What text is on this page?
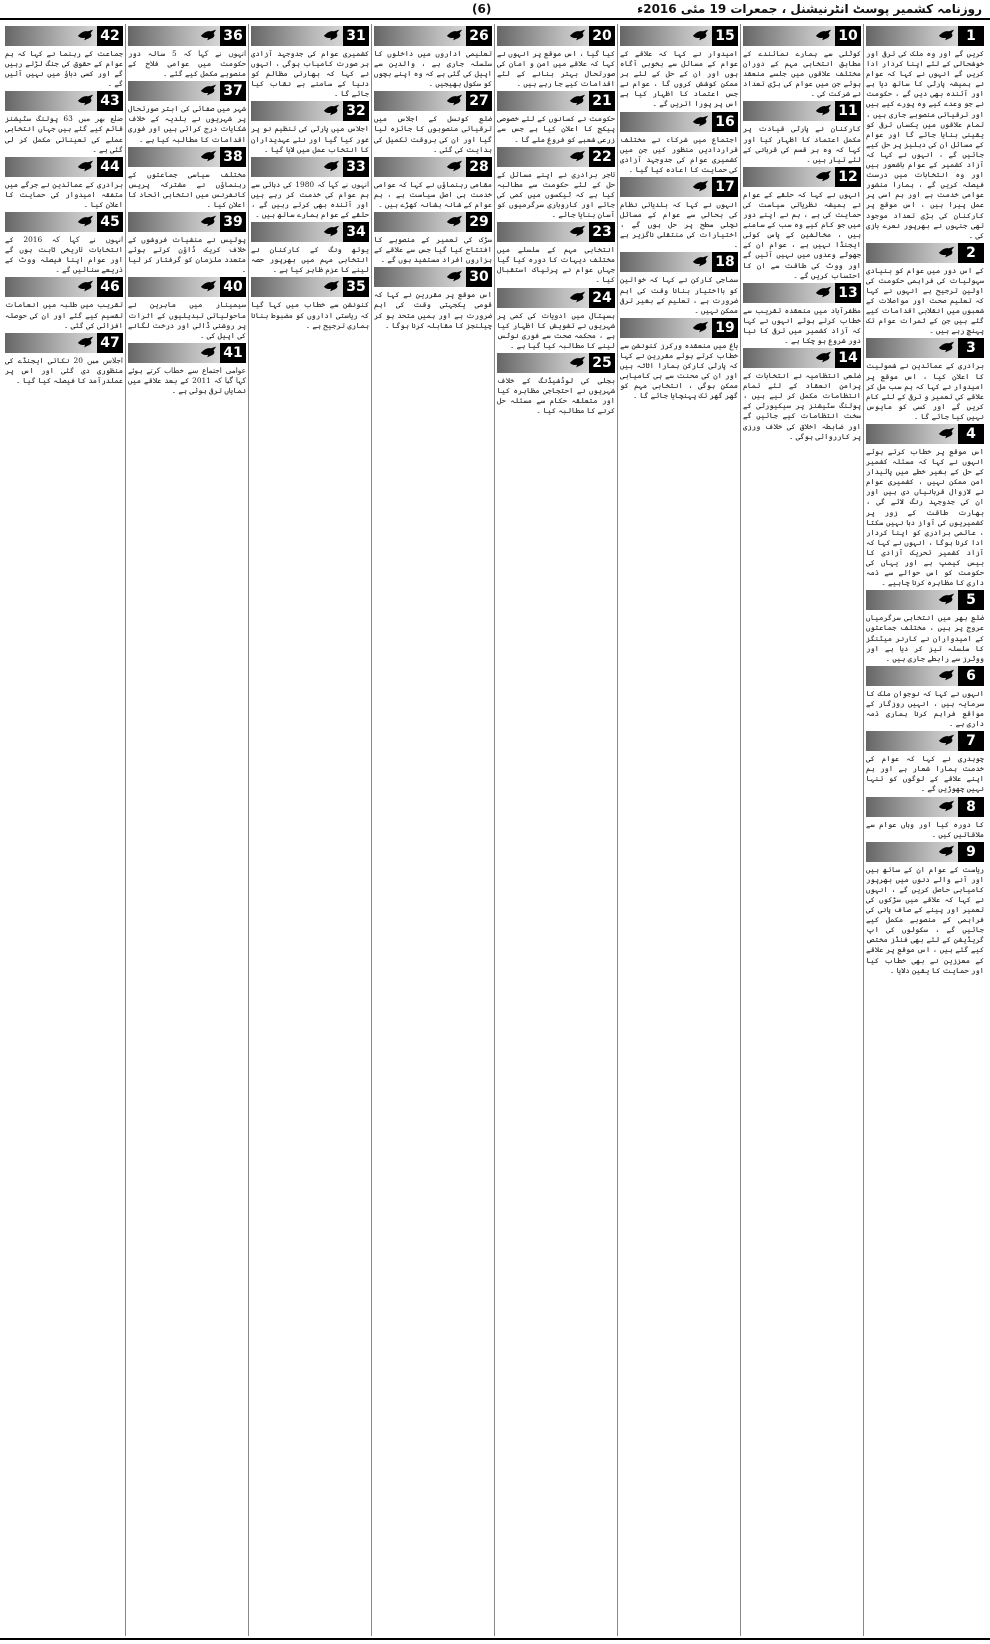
(6)	روزنامہ کشمیر پوسٹ انٹرنیشنل ، جمعرات 19 مئی 2016ء
1
کریں گے اور وہ ملک کی ترقی اور خوشحالی کے لئے اپنا کردار ادا کریں گے انہوں نے کہا کہ عوام نے ہمیشہ پارٹی کا ساتھ دیا ہے اور آئندہ بھی دیں گے ، حکومت نے جو وعدے کیے وہ پورے کیے ہیں اور ترقیاتی منصوبے جاری ہیں ، تمام علاقوں میں یکساں ترقی کو یقینی بنایا جائے گا اور عوام کے مسائل ان کی دہلیز پر حل کیے جائیں گے ، انہوں نے کہا کہ آزاد کشمیر کے عوام باشعور ہیں اور وہ انتخابات میں درست فیصلہ کریں گے ، ہمارا منشور عوامی خدمت ہے اور ہم اسی پر عمل پیرا ہیں ، اس موقع پر کارکنان کی بڑی تعداد موجود تھی جنہوں نے بھرپور نعرے بازی کی ۔
2
کے اس دور میں عوام کو بنیادی سہولیات کی فراہمی حکومت کی اولین ترجیح ہے انہوں نے کہا کہ تعلیم صحت اور مواصلات کے شعبوں میں انقلابی اقدامات کیے گئے ہیں جن کے ثمرات عوام تک پہنچ رہے ہیں ۔
3
برادری کے عمائدین نے شمولیت کا اعلان کیا ، اس موقع پر امیدوار نے کہا کہ ہم سب مل کر علاقے کی تعمیر و ترقی کے لئے کام کریں گے اور کسی کو مایوس نہیں کیا جائے گا ۔
4
اس موقع پر خطاب کرتے ہوئے انہوں نے کہا کہ مسئلہ کشمیر کے حل کے بغیر خطے میں پائیدار امن ممکن نہیں ، کشمیری عوام نے لازوال قربانیاں دی ہیں اور ان کی جدوجہد رنگ لائے گی ، بھارت طاقت کے زور پر کشمیریوں کی آواز دبا نہیں سکتا ، عالمی برادری کو اپنا کردار ادا کرنا ہوگا ، انہوں نے کہا کہ آزاد کشمیر تحریک آزادی کا بیس کیمپ ہے اور یہاں کی حکومت کو اس حوالے سے ذمہ داری کا مظاہرہ کرنا چاہیے ۔
5
ضلع بھر میں انتخابی سرگرمیاں عروج پر ہیں ، مختلف جماعتوں کے امیدواران نے کارنر میٹنگز کا سلسلہ تیز کر دیا ہے اور ووٹرز سے رابطے جاری ہیں ۔
6
انہوں نے کہا کہ نوجوان ملک کا سرمایہ ہیں ، انہیں روزگار کے مواقع فراہم کرنا ہماری ذمہ داری ہے ۔
7
چوہدری نے کہا کہ عوام کی خدمت ہمارا شعار ہے اور ہم اپنے علاقے کے لوگوں کو تنہا نہیں چھوڑیں گے ۔
8
کا دورہ کیا اور وہاں عوام سے ملاقاتیں کیں ۔
9
ریاست کے عوام ان کے ساتھ ہیں اور آنے والے دنوں میں بھرپور کامیابی حاصل کریں گے ، انہوں نے کہا کہ علاقے میں سڑکوں کی تعمیر اور پینے کے صاف پانی کی فراہمی کے منصوبے مکمل کیے جائیں گے ، سکولوں کی اپ گریڈیشن کے لئے بھی فنڈز مختص کیے گئے ہیں ، اس موقع پر علاقے کے معززین نے بھی خطاب کیا اور حمایت کا یقین دلایا ۔
10
کوٹلی سے ہمارے نمائندے کے مطابق انتخابی مہم کے دوران مختلف علاقوں میں جلسے منعقد ہوئے جن میں عوام کی بڑی تعداد نے شرکت کی ۔
11
کارکنان نے پارٹی قیادت پر مکمل اعتماد کا اظہار کیا اور کہا کہ وہ ہر قسم کی قربانی کے لئے تیار ہیں ۔
12
انہوں نے کہا کہ حلقے کے عوام نے ہمیشہ نظریاتی سیاست کی حمایت کی ہے ، ہم نے اپنے دور میں جو کام کیے وہ سب کے سامنے ہیں ، مخالفین کے پاس کوئی ایجنڈا نہیں ہے ، عوام ان کے جھوٹے وعدوں میں نہیں آئیں گے اور ووٹ کی طاقت سے ان کا احتساب کریں گے ۔
13
مظفرآباد میں منعقدہ تقریب سے خطاب کرتے ہوئے انہوں نے کہا کہ آزاد کشمیر میں ترقی کا نیا دور شروع ہو چکا ہے ۔
14
ضلعی انتظامیہ نے انتخابات کے پرامن انعقاد کے لئے تمام انتظامات مکمل کر لیے ہیں ، پولنگ سٹیشنز پر سیکیورٹی کے سخت انتظامات کیے جائیں گے اور ضابطہ اخلاق کی خلاف ورزی پر کارروائی ہوگی ۔
15
امیدوار نے کہا کہ علاقے کے عوام کے مسائل سے بخوبی آگاہ ہوں اور ان کے حل کے لئے ہر ممکن کوشش کروں گا ، عوام نے جس اعتماد کا اظہار کیا ہے اس پر پورا اتریں گے ۔
16
اجتماع میں شرکاء نے مختلف قراردادیں منظور کیں جن میں کشمیری عوام کی جدوجہد آزادی کی حمایت کا اعادہ کیا گیا ۔
17
انہوں نے کہا کہ بلدیاتی نظام کی بحالی سے عوام کے مسائل نچلی سطح پر حل ہوں گے ، اختیارات کی منتقلی ناگزیر ہے ۔
18
سماجی کارکن نے کہا کہ خواتین کو بااختیار بنانا وقت کی اہم ضرورت ہے ، تعلیم کے بغیر ترقی ممکن نہیں ۔
19
باغ میں منعقدہ ورکرز کنونشن سے خطاب کرتے ہوئے مقررین نے کہا کہ پارٹی کارکن ہمارا اثاثہ ہیں اور ان کی محنت سے ہی کامیابی ممکن ہوگی ، انتخابی مہم کو گھر گھر تک پہنچایا جائے گا ۔
20
کیا گیا ، اس موقع پر انہوں نے کہا کہ علاقے میں امن و امان کی صورتحال بہتر بنانے کے لئے اقدامات کیے جا رہے ہیں ۔
21
حکومت نے کسانوں کے لئے خصوصی پیکج کا اعلان کیا ہے جس سے زرعی شعبے کو فروغ ملے گا ۔
22
تاجر برادری نے اپنے مسائل کے حل کے لئے حکومت سے مطالبہ کیا ہے کہ ٹیکسوں میں کمی کی جائے اور کاروباری سرگرمیوں کو آسان بنایا جائے ۔
23
انتخابی مہم کے سلسلے میں مختلف دیہات کا دورہ کیا گیا جہاں عوام نے پرتپاک استقبال کیا ۔
24
ہسپتال میں ادویات کی کمی پر شہریوں نے تشویش کا اظہار کیا ہے ، محکمہ صحت سے فوری نوٹس لینے کا مطالبہ کیا گیا ہے ۔
25
بجلی کی لوڈشیڈنگ کے خلاف شہریوں نے احتجاجی مظاہرہ کیا اور متعلقہ حکام سے مسئلہ حل کرنے کا مطالبہ کیا ۔
26
تعلیمی اداروں میں داخلوں کا سلسلہ جاری ہے ، والدین سے اپیل کی گئی ہے کہ وہ اپنے بچوں کو سکول بھیجیں ۔
27
ضلع کونسل کے اجلاس میں ترقیاتی منصوبوں کا جائزہ لیا گیا اور ان کی بروقت تکمیل کی ہدایت کی گئی ۔
28
مقامی رہنماؤں نے کہا کہ عوامی خدمت ہی اصل سیاست ہے ، ہم عوام کے شانہ بشانہ کھڑے ہیں ۔
29
سڑک کی تعمیر کے منصوبے کا افتتاح کیا گیا جس سے علاقے کے ہزاروں افراد مستفید ہوں گے ۔
30
اس موقع پر مقررین نے کہا کہ قومی یکجہتی وقت کی اہم ضرورت ہے اور ہمیں متحد ہو کر چیلنجز کا مقابلہ کرنا ہوگا ۔
31
کشمیری عوام کی جدوجہد آزادی ہر صورت کامیاب ہوگی ، انہوں نے کہا کہ بھارتی مظالم کو دنیا کے سامنے بے نقاب کیا جائے گا ۔
32
اجلاس میں پارٹی کی تنظیم نو پر غور کیا گیا اور نئے عہدیداران کا انتخاب عمل میں لایا گیا ۔
33
انہوں نے کہا کہ 1980 کی دہائی سے ہم عوام کی خدمت کر رہے ہیں اور آئندہ بھی کرتے رہیں گے ، حلقے کے عوام ہمارے ساتھ ہیں ۔
34
یوتھ ونگ کے کارکنان نے انتخابی مہم میں بھرپور حصہ لینے کا عزم ظاہر کیا ہے ۔
35
کنونشن سے خطاب میں کہا گیا کہ ریاستی اداروں کو مضبوط بنانا ہماری ترجیح ہے ۔
36
انہوں نے کہا کہ 5 سالہ دور حکومت میں عوامی فلاح کے منصوبے مکمل کیے گئے ۔
37
شہر میں صفائی کی ابتر صورتحال پر شہریوں نے بلدیہ کے خلاف شکایات درج کرائی ہیں اور فوری اقدامات کا مطالبہ کیا ہے ۔
38
مختلف سیاسی جماعتوں کے رہنماؤں نے مشترکہ پریس کانفرنس میں انتخابی اتحاد کا اعلان کیا ۔
39
پولیس نے منشیات فروشوں کے خلاف کریک ڈاؤن کرتے ہوئے متعدد ملزمان کو گرفتار کر لیا ۔
40
سیمینار میں ماہرین نے ماحولیاتی تبدیلیوں کے اثرات پر روشنی ڈالی اور درخت لگانے کی اپیل کی ۔
41
عوامی اجتماع سے خطاب کرتے ہوئے کہا گیا کہ 2011 کے بعد علاقے میں نمایاں ترقی ہوئی ہے ۔
42
جماعت کے رہنما نے کہا کہ ہم عوام کے حقوق کی جنگ لڑتے رہیں گے اور کسی دباؤ میں نہیں آئیں گے ۔
43
ضلع بھر میں 63 پولنگ سٹیشنز قائم کیے گئے ہیں جہاں انتخابی عملے کی تعیناتی مکمل کر لی گئی ہے ۔
44
برادری کے عمائدین نے جرگے میں متفقہ امیدوار کی حمایت کا اعلان کیا ۔
45
انہوں نے کہا کہ 2016 کے انتخابات تاریخی ثابت ہوں گے اور عوام اپنا فیصلہ ووٹ کے ذریعے سنائیں گے ۔
46
تقریب میں طلبہ میں انعامات تقسیم کیے گئے اور ان کی حوصلہ افزائی کی گئی ۔
47
اجلاس میں 20 نکاتی ایجنڈے کی منظوری دی گئی اور اس پر عملدرآمد کا فیصلہ کیا گیا ۔
